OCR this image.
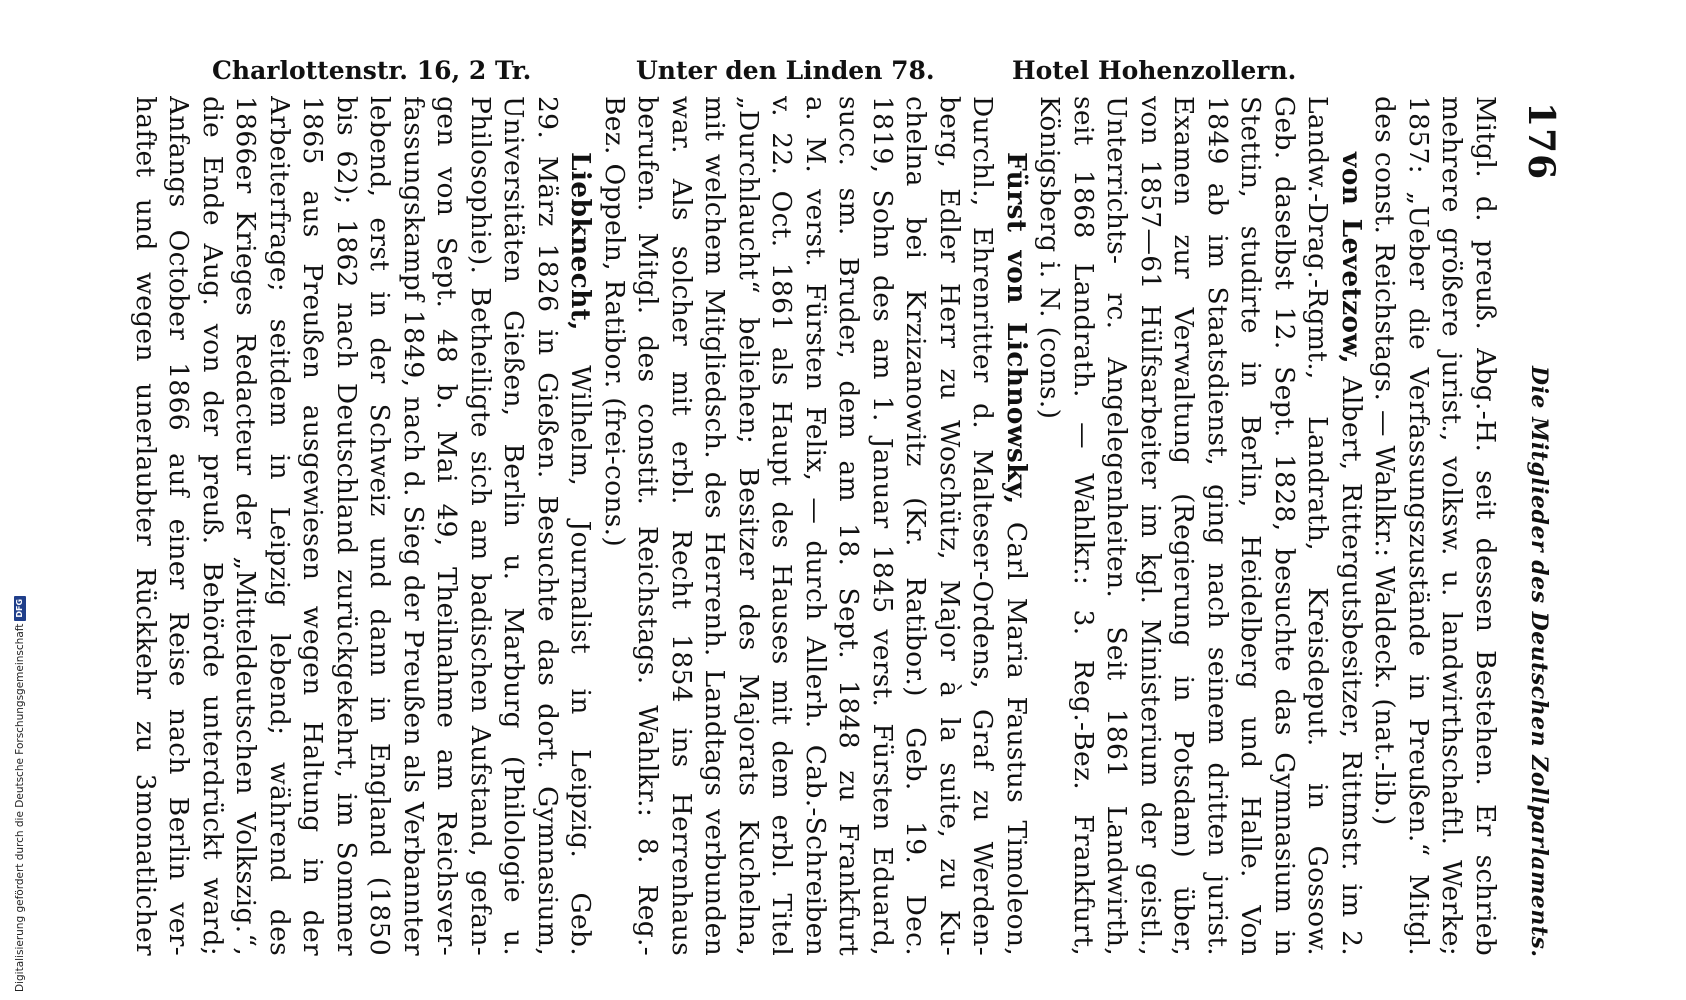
Charlottenstr. 16, 2 Tr.	Unter den Linden 78.	Hotel Hohenzollern.
176
Die Mitglieder des Deutschen Zollparlaments.
Mitgl. d. preuß. Abg.-H. seit dessen Bestehen. Er schrieb
mehrere größere jurist., volksw. u. landwirthschaftl. Werke;
1857: „Ueber die Verfassungszustände in Preußen.“ Mitgl.
des const. Reichstags. — Wahlkr.: Waldeck. (nat.-lib.)
von Levetzow, Albert, Rittergutsbesitzer, Rittmstr. im 2.
Landw.-Drag.-Rgmt., Landrath, Kreisdeput. in Gossow.
Geb. daselbst 12. Sept. 1828, besuchte das Gymnasium in
Stettin, studirte in Berlin, Heidelberg und Halle. Von
1849 ab im Staatsdienst, ging nach seinem dritten jurist.
Examen zur Verwaltung (Regierung in Potsdam) über,
von 1857—61 Hülfsarbeiter im kgl. Ministerium der geistl.,
Unterrichts- rc. Angelegenheiten. Seit 1861 Landwirth,
seit 1868 Landrath. — Wahlkr.: 3. Reg.-Bez. Frankfurt,
Königsberg i. N. (cons.)
Fürst von Lichnowsky, Carl Maria Faustus Timoleon,
Durchl., Ehrenritter d. Malteser-Ordens, Graf zu Werden-
berg, Edler Herr zu Woschütz, Major à la suite, zu Ku-
chelna bei Krzizanowitz (Kr. Ratibor.) Geb. 19. Dec.
1819, Sohn des am 1. Januar 1845 verst. Fürsten Eduard,
succ. sm. Bruder, dem am 18. Sept. 1848 zu Frankfurt
a. M. verst. Fürsten Felix, — durch Allerh. Cab.-Schreiben
v. 22. Oct. 1861 als Haupt des Hauses mit dem erbl. Titel
„Durchlaucht“ beliehen; Besitzer des Majorats Kuchelna,
mit welchem Mitgliedsch. des Herrenh. Landtags verbunden
war. Als solcher mit erbl. Recht 1854 ins Herrenhaus
berufen. Mitgl. des constit. Reichstags. Wahlkr.: 8. Reg.-
Bez. Oppeln, Ratibor. (frei-cons.)
Liebknecht, Wilhelm, Journalist in Leipzig. Geb.
29. März 1826 in Gießen. Besuchte das dort. Gymnasium,
Universitäten Gießen, Berlin u. Marburg (Philologie u.
Philosophie). Betheiligte sich am badischen Aufstand, gefan-
gen von Sept. 48 b. Mai 49, Theilnahme am Reichsver-
fassungskampf 1849, nach d. Sieg der Preußen als Verbannter
lebend, erst in der Schweiz und dann in England (1850
bis 62); 1862 nach Deutschland zurückgekehrt, im Sommer
1865 aus Preußen ausgewiesen wegen Haltung in der
Arbeiterfrage; seitdem in Leipzig lebend; während des
1866er Krieges Redacteur der „Mitteldeutschen Volkszig.“,
die Ende Aug. von der preuß. Behörde unterdrückt ward;
Anfangs October 1866 auf einer Reise nach Berlin ver-
haftet und wegen unerlaubter Rückkehr zu 3monatlicher
Digitalisierung gefördert durch die Deutsche Forschungsgemeinschaft
DFG
